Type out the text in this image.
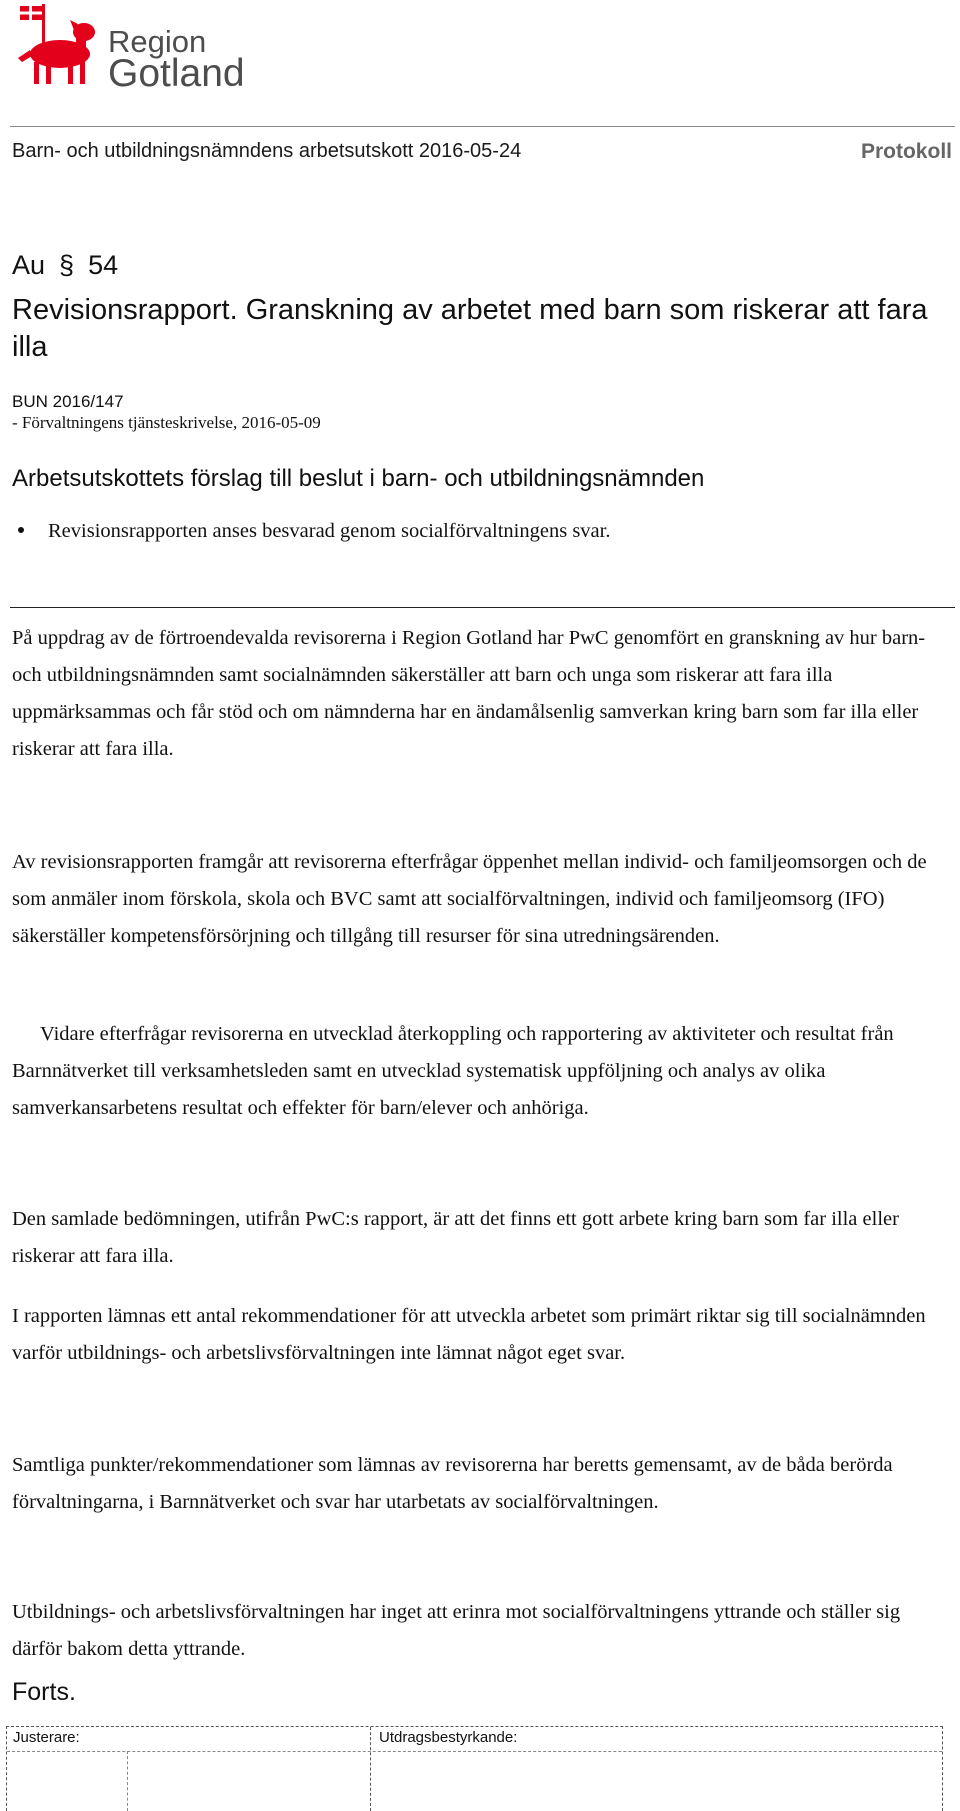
Region
Gotland
Barn- och utbildningsnämndens arbetsutskott 2016-05-24	Protokoll
Au § 54
Revisionsrapport. Granskning av arbetet med barn som riskerar att fara illa
BUN 2016/147
- Förvaltningens tjänsteskrivelse, 2016-05-09
Arbetsutskottets förslag till beslut i barn- och utbildningsnämnden
Revisionsrapporten anses besvarad genom socialförvaltningens svar.

På uppdrag av de förtroendevalda revisorerna i Region Gotland har PwC genomfört en granskning av hur barn- och utbildningsnämnden samt socialnämnden säkerställer att barn och unga som riskerar att fara illa uppmärksammas och får stöd och om nämnderna har en ändamålsenlig samverkan kring barn som far illa eller riskerar att fara illa.

Av revisionsrapporten framgår att revisorerna efterfrågar öppenhet mellan individ- och familjeomsorgen och de som anmäler inom förskola, skola och BVC samt att socialförvaltningen, individ och familjeomsorg (IFO) säkerställer kompetensförsörjning och tillgång till resurser för sina utredningsärenden.

Vidare efterfrågar revisorerna en utvecklad återkoppling och rapportering av aktiviteter och resultat från Barnnätverket till verksamhetsleden samt en utvecklad systematisk uppföljning och analys av olika samverkansarbetens resultat och effekter för barn/elever och anhöriga.

Den samlade bedömningen, utifrån PwC:s rapport, är att det finns ett gott arbete kring barn som far illa eller riskerar att fara illa.

I rapporten lämnas ett antal rekommendationer för att utveckla arbetet som primärt riktar sig till socialnämnden varför utbildnings- och arbetslivsförvaltningen inte lämnat något eget svar.

Samtliga punkter/rekommendationer som lämnas av revisorerna har beretts gemensamt, av de båda berörda förvaltningarna, i Barnnätverket och svar har utarbetats av socialförvaltningen.

Utbildnings- och arbetslivsförvaltningen har inget att erinra mot socialförvaltningens yttrande och ställer sig därför bakom detta yttrande.

Forts.
Justerare:	Utdragsbestyrkande:
